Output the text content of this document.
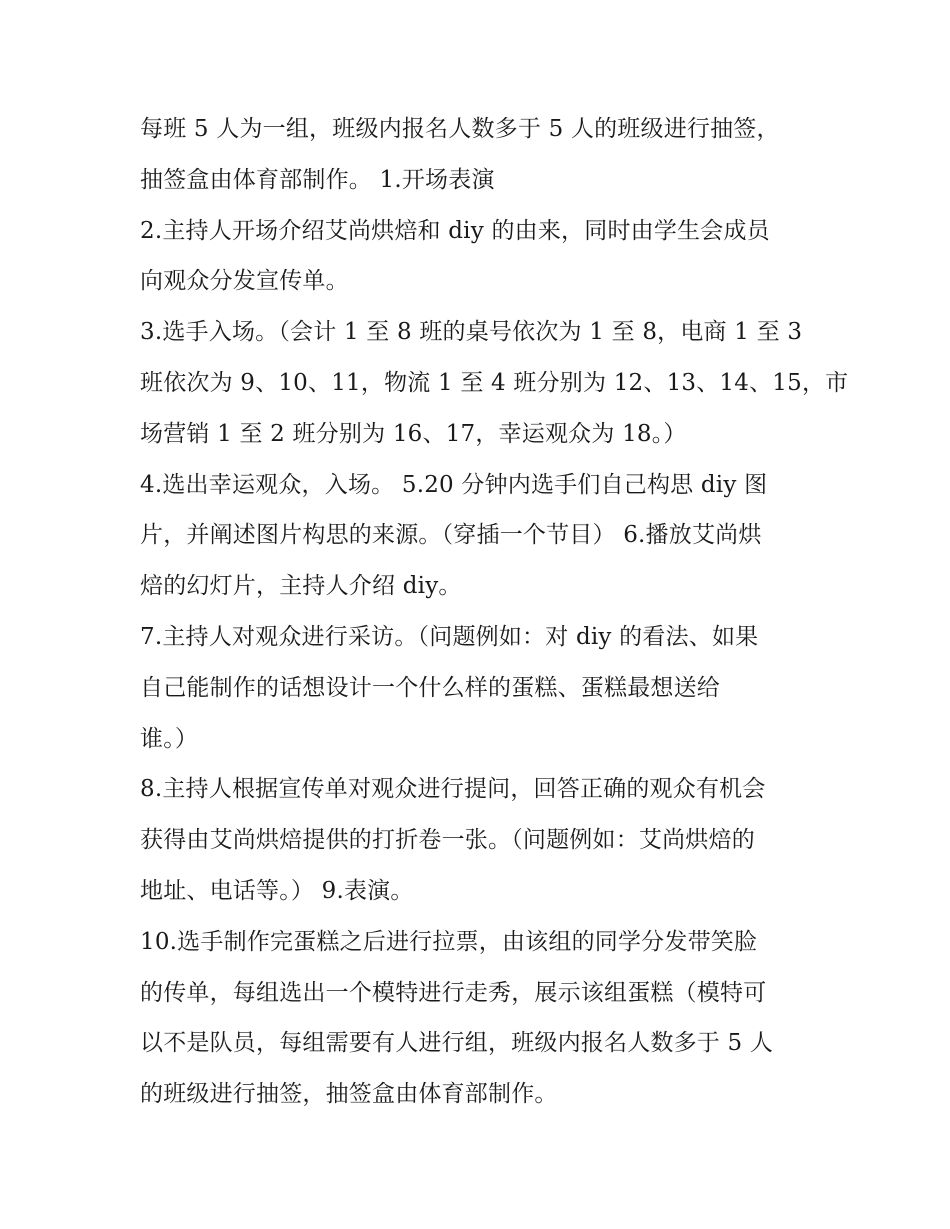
每班 5 人为一组，班级内报名人数多于 5 人的班级进行抽签，
抽签盒由体育部制作。 1.开场表演
2.主持人开场介绍艾尚烘焙和 diy 的由来，同时由学生会成员
向观众分发宣传单。
3.选手入场。（会计 1 至 8 班的桌号依次为 1 至 8，电商 1 至 3
班依次为 9、10、11，物流 1 至 4 班分别为 12、13、14、15，市
场营销 1 至 2 班分别为 16、17，幸运观众为 18。）
4.选出幸运观众，入场。 5.20 分钟内选手们自己构思 diy 图
片，并阐述图片构思的来源。（穿插一个节目） 6.播放艾尚烘
焙的幻灯片，主持人介绍 diy。
7.主持人对观众进行采访。（问题例如：对 diy 的看法、如果
自己能制作的话想设计一个什么样的蛋糕、蛋糕最想送给
谁。）
8.主持人根据宣传单对观众进行提问，回答正确的观众有机会
获得由艾尚烘焙提供的打折卷一张。（问题例如：艾尚烘焙的
地址、电话等。） 9.表演。
10.选手制作完蛋糕之后进行拉票，由该组的同学分发带笑脸
的传单，每组选出一个模特进行走秀，展示该组蛋糕（模特可
以不是队员，每组需要有人进行组，班级内报名人数多于 5 人
的班级进行抽签，抽签盒由体育部制作。
